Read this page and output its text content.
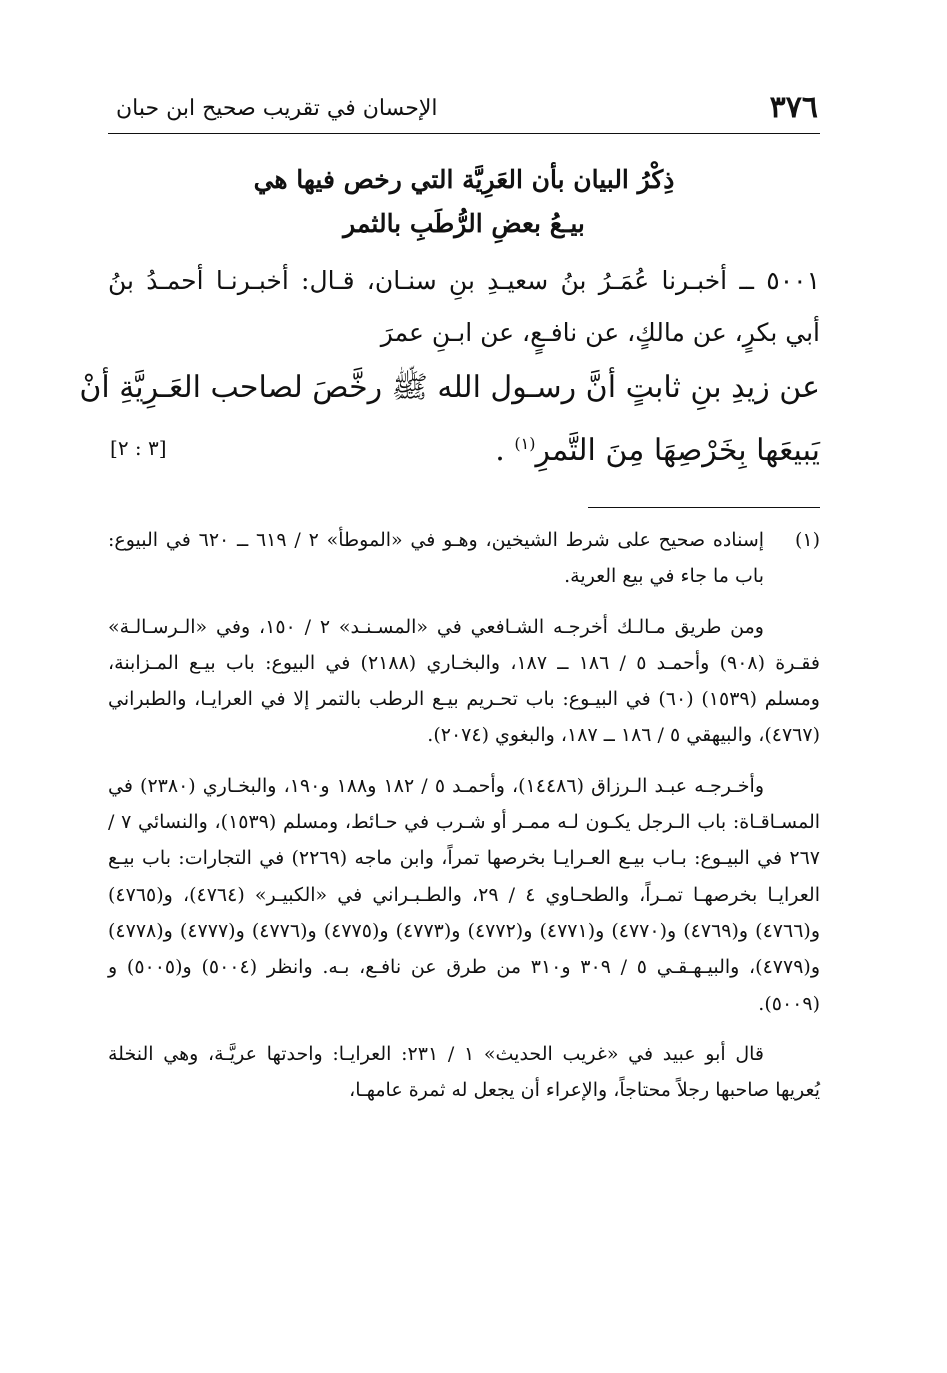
٣٧٦
الإحسان في تقريب صحيح ابن حبان
ذِكْرُ البيان بأن العَرِيَّة التي رخص فيها هي
بيـعُ بعضِ الرُّطَبِ بالثمر
٥٠٠١ ــ أخبـرنا عُمَـرُ بنُ سعيـدِ بنِ سنـان، قـال: أخبـرنـا أحمـدُ بنُ
أبي بكرٍ، عن مالكٍ، عن نافـعٍ، عن ابـنِ عمرَ
عن زيدِ بنِ ثابتٍ أنَّ رسـول الله ﷺ رخَّصَ لصاحب العَـرِيَّةِ أنْ
يَبيعَها بِخَرْصِهَا مِنَ التَّمرِ$^{(١)}$ .
[٣ : ٢]
(١)
إسناده صحيح على شرط الشيخين، وهـو في «الموطأ» ٢ / ٦١٩ ــ ٦٢٠ في البيوع: باب ما جاء في بيع العرية.
ومن طريق مـالـك أخرجـه الشـافعي في «المسـنـد» ٢ / ١٥٠، وفي «الـرسـالـة» فقـرة (٩٠٨) وأحمـد ٥ / ١٨٦ ــ ١٨٧، والبخـاري (٢١٨٨) في البيوع: باب بيـع المـزابنة، ومسلم (١٥٣٩) (٦٠) في البيـوع: باب تحـريم بيـع الرطب بالتمر إلا في العرايـا، والطبراني (٤٧٦٧)، والبيهقي ٥ / ١٨٦ ــ ١٨٧، والبغوي (٢٠٧٤).
وأخـرجـه عبـد الـرزاق (١٤٤٨٦)، وأحمـد ٥ / ١٨٢ و١٨٨ و١٩٠، والبخـاري (٢٣٨٠) في المسـاقـاة: باب الـرجل يكـون لـه ممـر أو شـرب في حـائط، ومسلم (١٥٣٩)، والنسائي ٧ / ٢٦٧ في البيـوع: بـاب بيـع العـرايـا بخرصها تمراً، وابن ماجه (٢٢٦٩) في التجارات: باب بيـع العرايـا بخرصهـا تمـراً، والطحـاوي ٤ / ٢٩، والطـبـراني في «الكبيـر» (٤٧٦٤)، و(٤٧٦٥) و(٤٧٦٦) و(٤٧٦٩) و(٤٧٧٠) و(٤٧٧١) و(٤٧٧٢) و(٤٧٧٣) و(٤٧٧٥) و(٤٧٧٦) و(٤٧٧٧) و(٤٧٧٨) و(٤٧٧٩)، والبيـهـقـي ٥ / ٣٠٩ و٣١٠ من طرق عن نافـع، بـه. وانظر (٥٠٠٤) و(٥٠٠٥) و (٥٠٠٩).
قال أبو عبيد في «غريب الحديث» ١ / ٢٣١: العرايـا: واحدتها عريَّـة، وهي النخلة يُعريها صاحبها رجلاً محتاجاً، والإعراء أن يجعل له ثمرة عامهـا،
